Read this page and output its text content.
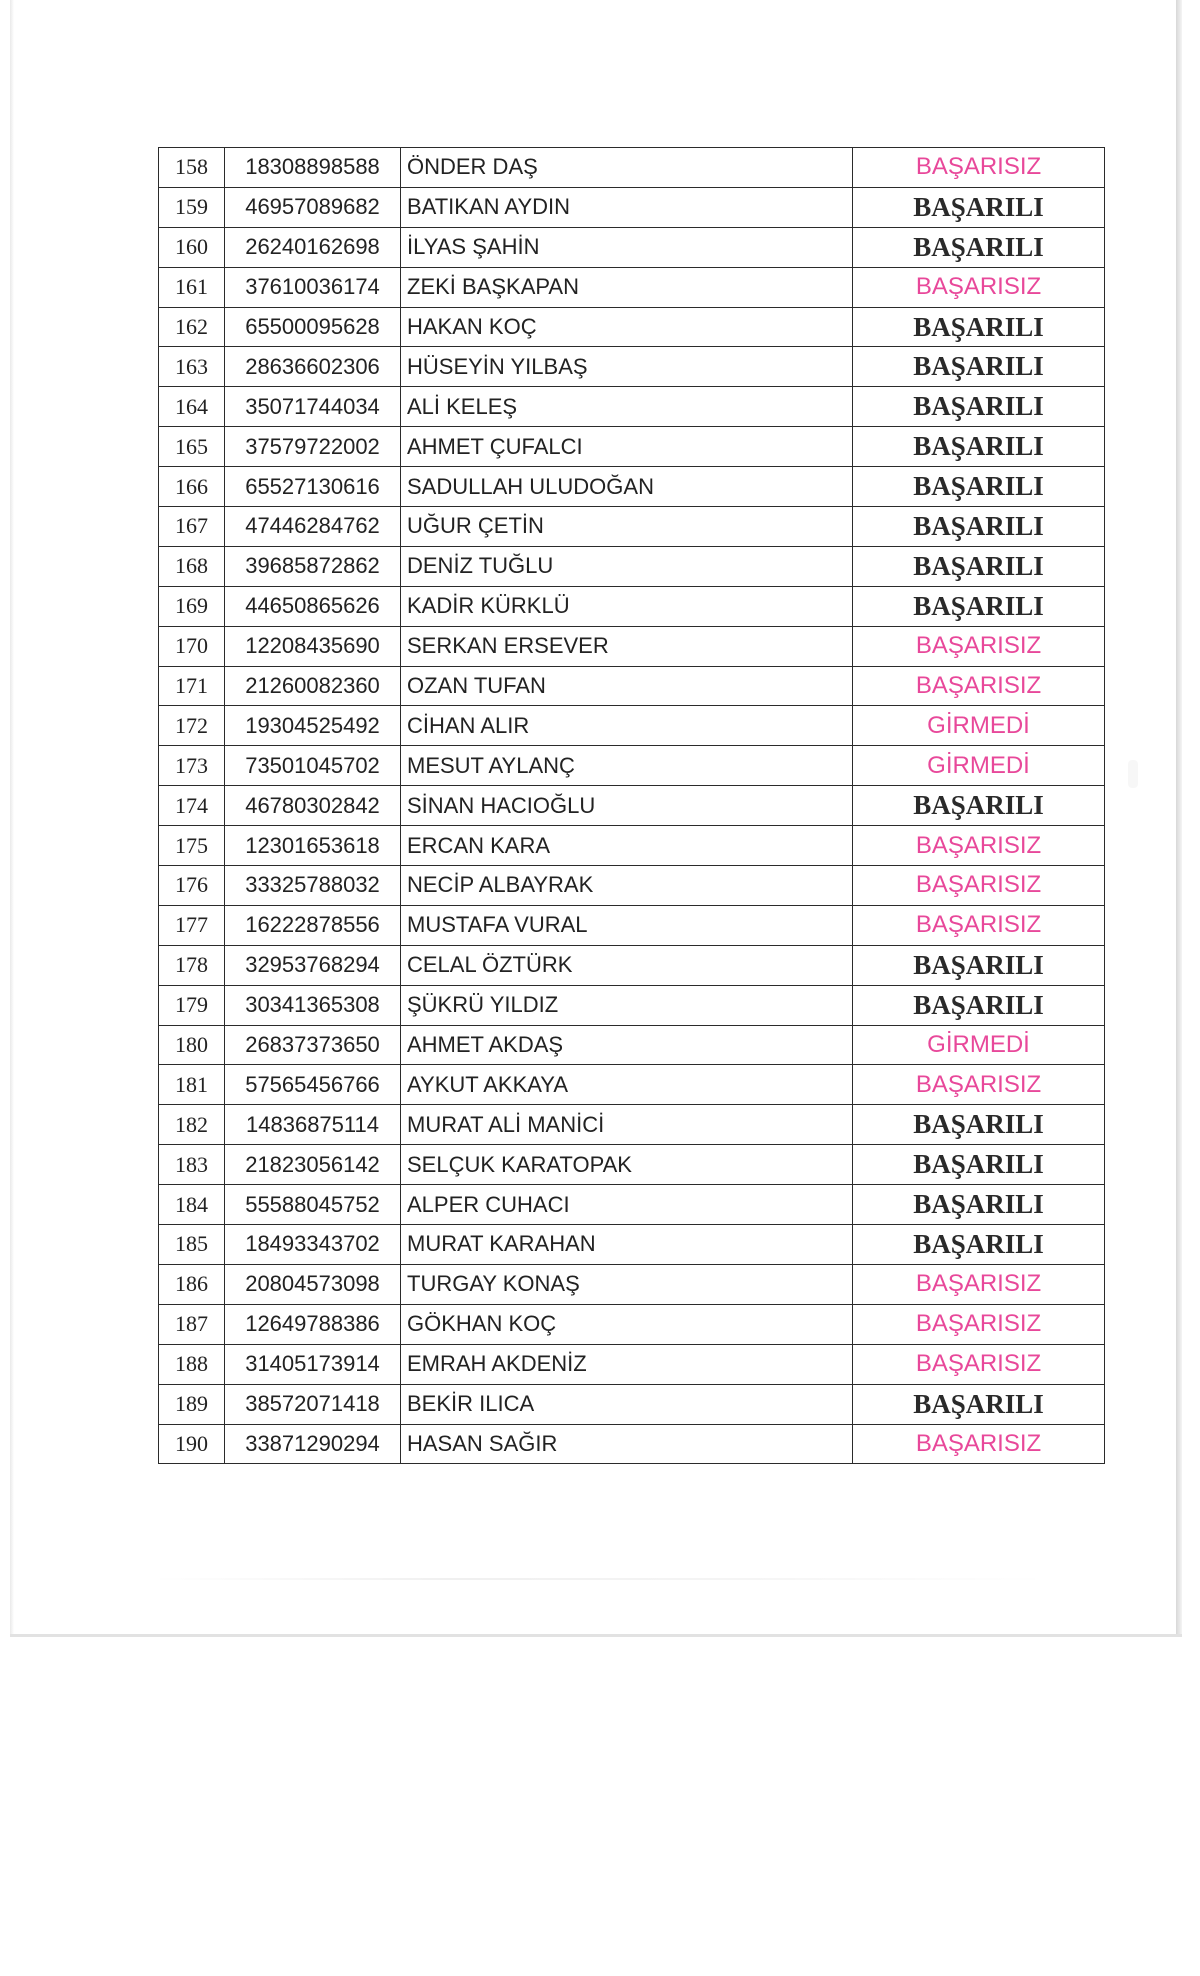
158	18308898588	ÖNDER DAŞ	BAŞARISIZ
159	46957089682	BATIKAN AYDIN	BAŞARILI
160	26240162698	İLYAS ŞAHİN	BAŞARILI
161	37610036174	ZEKİ BAŞKAPAN	BAŞARISIZ
162	65500095628	HAKAN KOÇ	BAŞARILI
163	28636602306	HÜSEYİN YILBAŞ	BAŞARILI
164	35071744034	ALİ KELEŞ	BAŞARILI
165	37579722002	AHMET ÇUFALCI	BAŞARILI
166	65527130616	SADULLAH ULUDOĞAN	BAŞARILI
167	47446284762	UĞUR ÇETİN	BAŞARILI
168	39685872862	DENİZ TUĞLU	BAŞARILI
169	44650865626	KADİR KÜRKLÜ	BAŞARILI
170	12208435690	SERKAN ERSEVER	BAŞARISIZ
171	21260082360	OZAN TUFAN	BAŞARISIZ
172	19304525492	CİHAN ALIR	GİRMEDİ
173	73501045702	MESUT AYLANÇ	GİRMEDİ
174	46780302842	SİNAN HACIOĞLU	BAŞARILI
175	12301653618	ERCAN KARA	BAŞARISIZ
176	33325788032	NECİP ALBAYRAK	BAŞARISIZ
177	16222878556	MUSTAFA VURAL	BAŞARISIZ
178	32953768294	CELAL ÖZTÜRK	BAŞARILI
179	30341365308	ŞÜKRÜ YILDIZ	BAŞARILI
180	26837373650	AHMET AKDAŞ	GİRMEDİ
181	57565456766	AYKUT AKKAYA	BAŞARISIZ
182	14836875114	MURAT ALİ MANİCİ	BAŞARILI
183	21823056142	SELÇUK KARATOPAK	BAŞARILI
184	55588045752	ALPER CUHACI	BAŞARILI
185	18493343702	MURAT KARAHAN	BAŞARILI
186	20804573098	TURGAY KONAŞ	BAŞARISIZ
187	12649788386	GÖKHAN KOÇ	BAŞARISIZ
188	31405173914	EMRAH AKDENİZ	BAŞARISIZ
189	38572071418	BEKİR ILICA	BAŞARILI
190	33871290294	HASAN SAĞIR	BAŞARISIZ
